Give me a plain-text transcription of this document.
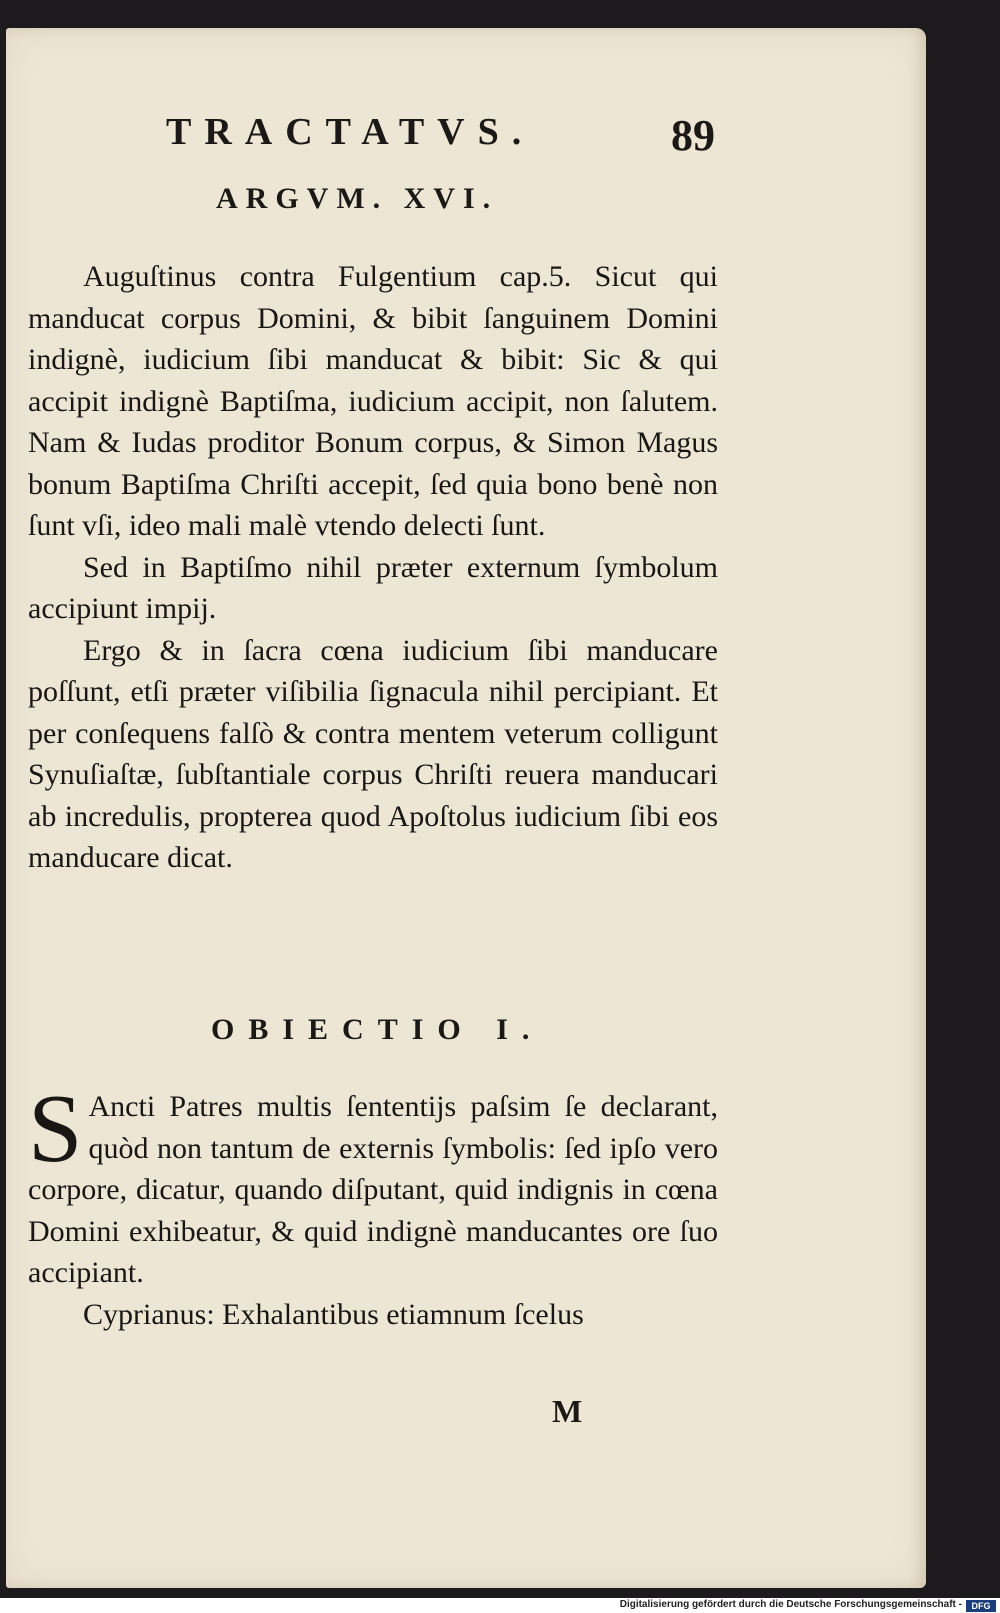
TRACTATVS.	89
ARGVM. XVI.

Auguſtinus contra Fulgentium cap.5. Sicut qui manducat corpus Domini, & bibit ſanguinem Domini indignè, iudicium ſibi manducat & bibit: Sic & qui accipit indignè Baptiſma, iudicium accipit, non ſalutem. Nam & Iudas proditor Bonum corpus, & Simon Magus bonum Baptiſma Chriſti accepit, ſed quia bono benè non ſunt vſi, ideo mali malè vtendo delecti ſunt.

Sed in Baptiſmo nihil præter externum ſymbolum accipiunt impij.

Ergo & in ſacra cœna iudicium ſibi manducare poſſunt, etſi præter viſibilia ſignacula nihil percipiant. Et per conſequens falſò & contra mentem veterum colligunt Synuſiaſtæ, ſubſtantiale corpus Chriſti reuera manducari ab incredulis, propterea quod Apoſtolus iudicium ſibi eos manducare dicat.

OBIECTIO I.

S Ancti Patres multis ſententijs paſsim ſe declarant, quòd non tantum de externis ſymbolis: ſed ipſo vero corpore, dicatur, quando diſputant, quid indignis in cœna Domini exhibeatur, & quid indignè manducantes ore ſuo accipiant.

Cyprianus: Exhalantibus etiamnum ſcelus

M
Digitalisierung gefördert durch die Deutsche Forschungsgemeinschaft -	DFG
